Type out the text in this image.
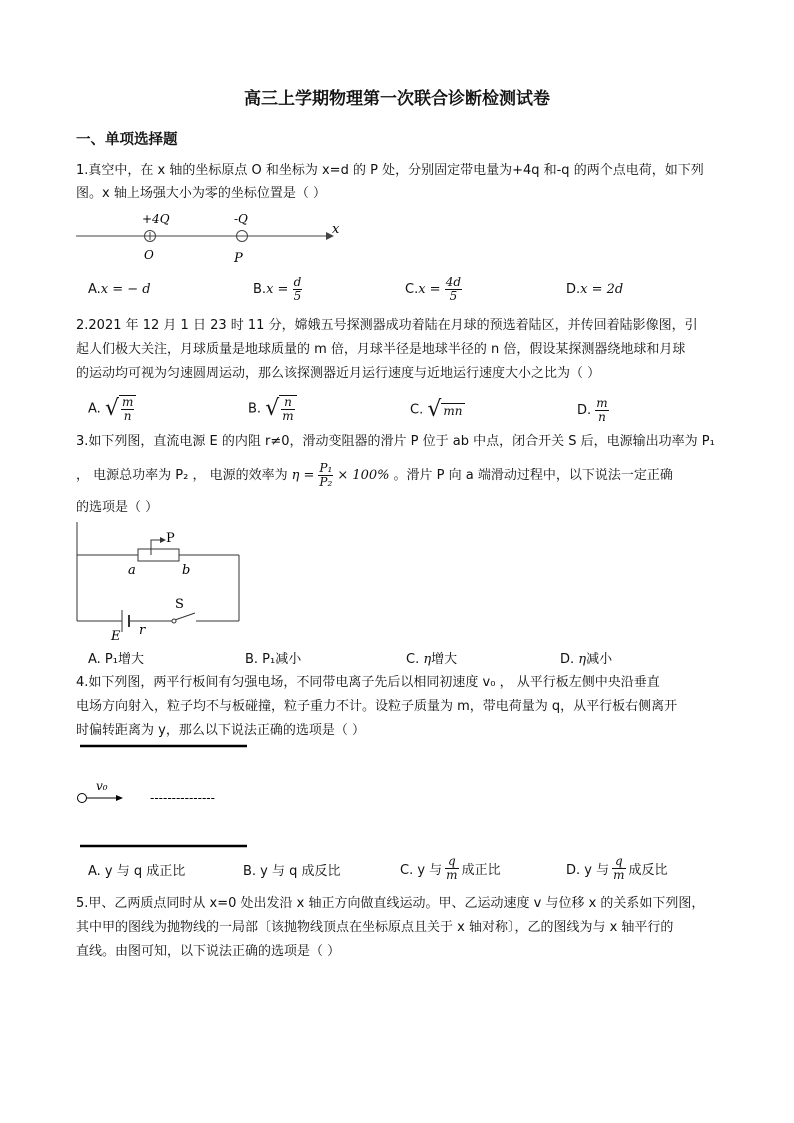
高三上学期物理第一次联合诊断检测试卷
一、单项选择题
1.真空中，在 x 轴的坐标原点 O 和坐标为 x=d 的 P 处，分别固定带电量为+4q 和-q 的两个点电荷，如下列
图。x 轴上场强大小为零的坐标位置是（ ）
+4Q	-Q
O	P
x
A.x = − d	$B.x = \frac{d}{5}$	$C.x = \frac{4d}{5}$	D.x = 2d
2.2021 年 12 月 1 日 23 时 11 分，嫦娥五号探测器成功着陆在月球的预选着陆区，并传回着陆影像图，引
起人们极大关注，月球质量是地球质量的 m 倍，月球半径是地球半径的 n 倍，假设某探测器绕地球和月球
的运动均可视为匀速圆周运动，那么该探测器近月运行速度与近地运行速度大小之比为（ ）
A. √ $\frac{m}{n}$	B. √ $\frac{n}{m}$	C. √ mn	D. $\frac{m}{n}$
3.如下列图，直流电源 E 的内阻 r≠0，滑动变阻器的滑片 P 位于 ab 中点，闭合开关 S 后，电源输出功率为 P₁
， 电源总功率为 P₂ ， 电源的效率为 $\eta = \frac{\text{P₁}}{\text{P₂}} \times 100\%$ 。滑片 P 向 a 端滑动过程中，以下说法一定正确
的选项是（ ）
P
a	b
S
E r
A. P₁增大	B. P₁减小	C. η增大	D. η减小
4.如下列图，两平行板间有匀强电场，不同带电离子先后以相同初速度 v₀ ， 从平行板左侧中央沿垂直
电场方向射入，粒子均不与板碰撞，粒子重力不计。设粒子质量为 m，带电荷量为 q，从平行板右侧离开
时偏转距离为 y，那么以下说法正确的选项是（ ）
v₀
---------------
A. y 与 q 成正比	B. y 与 q 成反比	C. y 与 $\frac{q}{m}$ 成正比	D. y 与 $\frac{q}{m}$ 成反比
5.甲、乙两质点同时从 x=0 处出发沿 x 轴正方向做直线运动。甲、乙运动速度 v 与位移 x 的关系如下列图，
其中甲的图线为抛物线的一局部〔该抛物线顶点在坐标原点且关于 x 轴对称〕，乙的图线为与 x 轴平行的
直线。由图可知，以下说法正确的选项是（ ）
